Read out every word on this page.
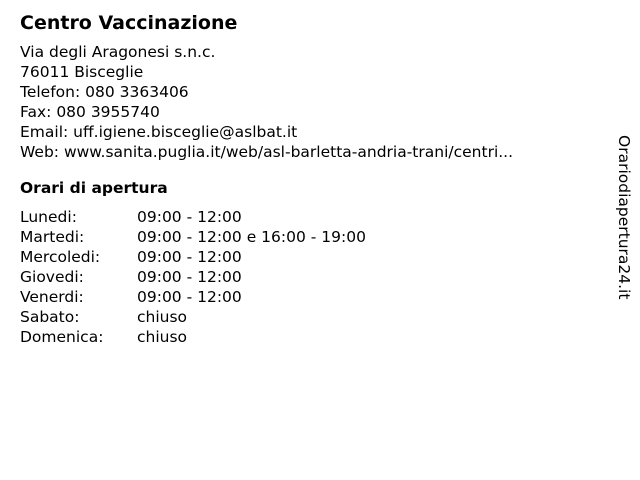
Centro Vaccinazione
Via degli Aragonesi s.n.c.
76011 Bisceglie
Telefon: 080 3363406
Fax: 080 3955740
Email: uff.igiene.bisceglie@aslbat.it
Web: www.sanita.puglia.it/web/asl-barletta-andria-trani/centri...
Orari di apertura
Lunedi:	09:00 - 12:00
Martedi:	09:00 - 12:00 e 16:00 - 19:00
Mercoledi:	09:00 - 12:00
Giovedi:	09:00 - 12:00
Venerdi:	09:00 - 12:00
Sabato:	chiuso
Domenica:	chiuso
Orariodiapertura24.it
